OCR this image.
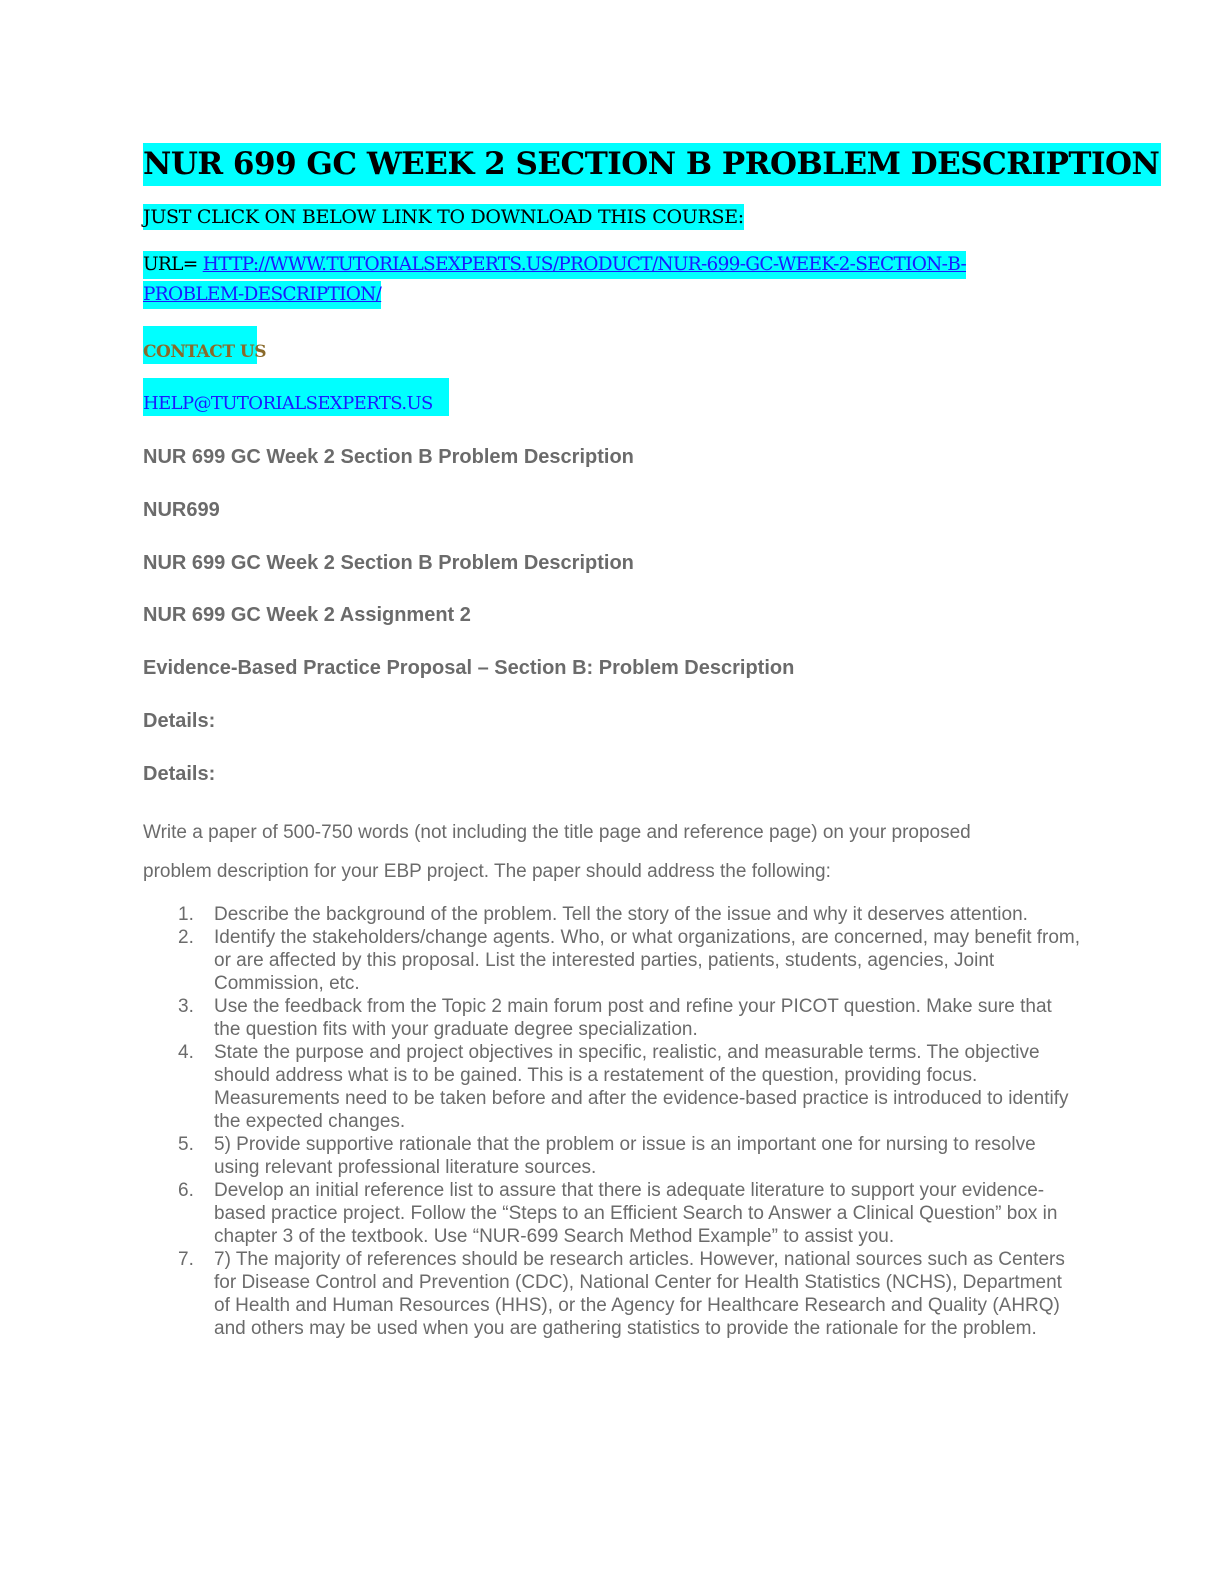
NUR 699 GC WEEK 2 SECTION B PROBLEM DESCRIPTION
JUST CLICK ON BELOW LINK TO DOWNLOAD THIS COURSE:
URL= HTTP://WWW.TUTORIALSEXPERTS.US/PRODUCT/NUR-699-GC-WEEK-2-SECTION-B-
PROBLEM-DESCRIPTION/
CONTACT US
HELP@TUTORIALSEXPERTS.US
NUR 699 GC Week 2 Section B Problem Description
NUR699
NUR 699 GC Week 2 Section B Problem Description
NUR 699 GC Week 2 Assignment 2
Evidence-Based Practice Proposal – Section B: Problem Description
Details:
Details:
Write a paper of 500-750 words (not including the title page and reference page) on your proposed problem description for your EBP project. The paper should address the following:
1. Describe the background of the problem. Tell the story of the issue and why it deserves attention.
2. Identify the stakeholders/change agents. Who, or what organizations, are concerned, may benefit from, or are affected by this proposal. List the interested parties, patients, students, agencies, Joint Commission, etc.
3. Use the feedback from the Topic 2 main forum post and refine your PICOT question. Make sure that the question fits with your graduate degree specialization.
4. State the purpose and project objectives in specific, realistic, and measurable terms. The objective should address what is to be gained. This is a restatement of the question, providing focus. Measurements need to be taken before and after the evidence-based practice is introduced to identify the expected changes.
5. 5) Provide supportive rationale that the problem or issue is an important one for nursing to resolve using relevant professional literature sources.
6. Develop an initial reference list to assure that there is adequate literature to support your evidence-based practice project. Follow the “Steps to an Efficient Search to Answer a Clinical Question” box in chapter 3 of the textbook. Use “NUR-699 Search Method Example” to assist you.
7. 7) The majority of references should be research articles. However, national sources such as Centers for Disease Control and Prevention (CDC), National Center for Health Statistics (NCHS), Department of Health and Human Resources (HHS), or the Agency for Healthcare Research and Quality (AHRQ) and others may be used when you are gathering statistics to provide the rationale for the problem.
